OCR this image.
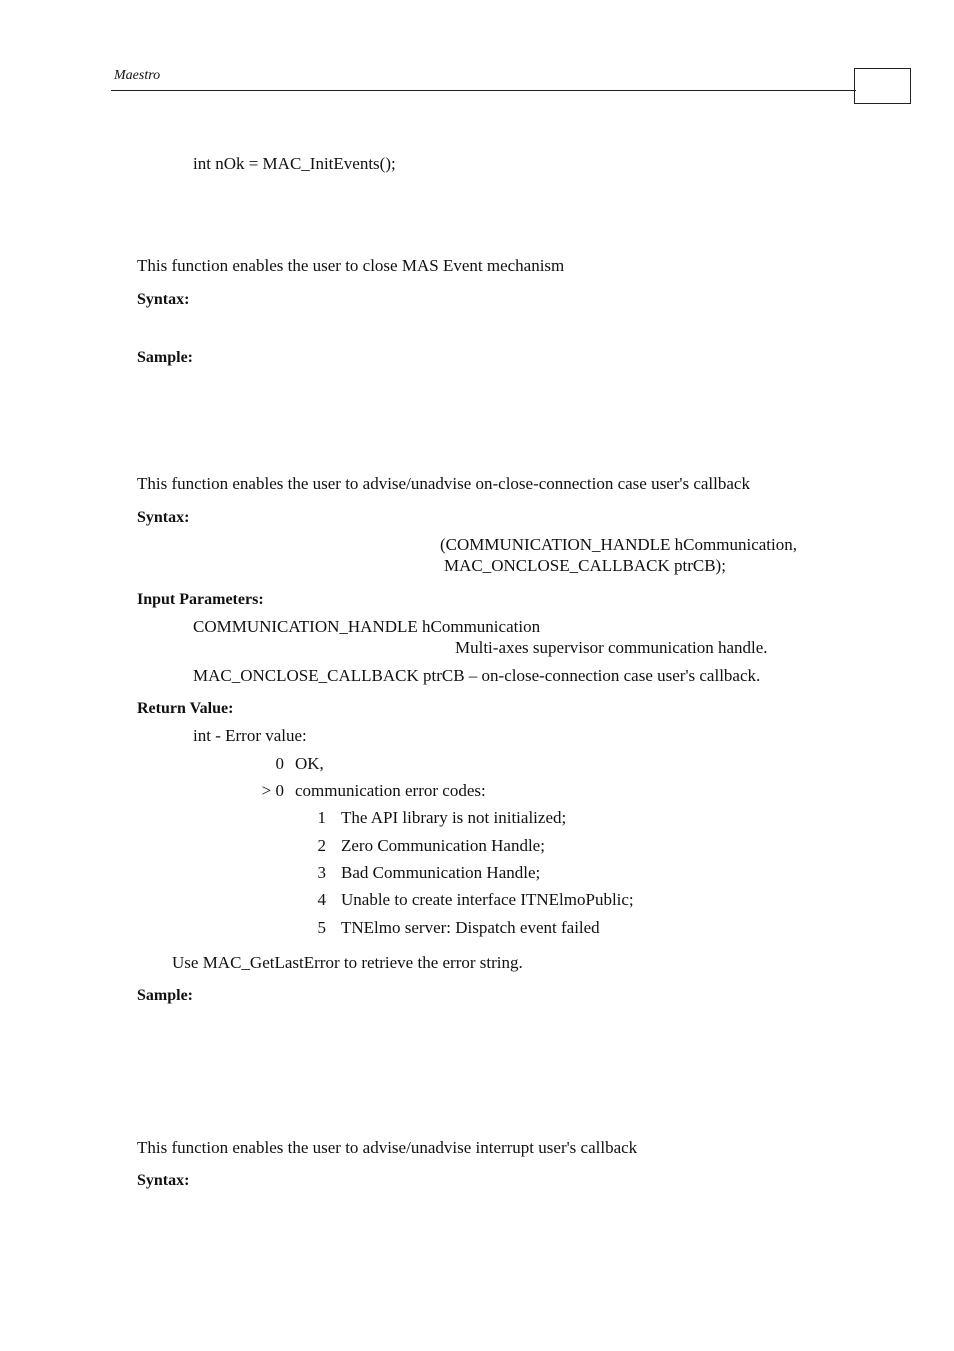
Maestro
int nOk = MAC_InitEvents();
This function enables the user to close MAS Event mechanism
Syntax:
Sample:
This function enables the user to advise/unadvise on-close-connection case user's callback
Syntax:
(COMMUNICATION_HANDLE hCommunication,
MAC_ONCLOSE_CALLBACK ptrCB);
Input Parameters:
COMMUNICATION_HANDLE hCommunication
Multi-axes supervisor communication handle.
MAC_ONCLOSE_CALLBACK ptrCB – on-close-connection case user's callback.
Return Value:
int - Error value:
0 OK,
> 0 communication error codes:
1 The API library is not initialized;
2 Zero Communication Handle;
3 Bad Communication Handle;
4 Unable to create interface ITNElmoPublic;
5 TNElmo server: Dispatch event failed
Use MAC_GetLastError to retrieve the error string.
Sample:
This function enables the user to advise/unadvise interrupt user's callback
Syntax:
